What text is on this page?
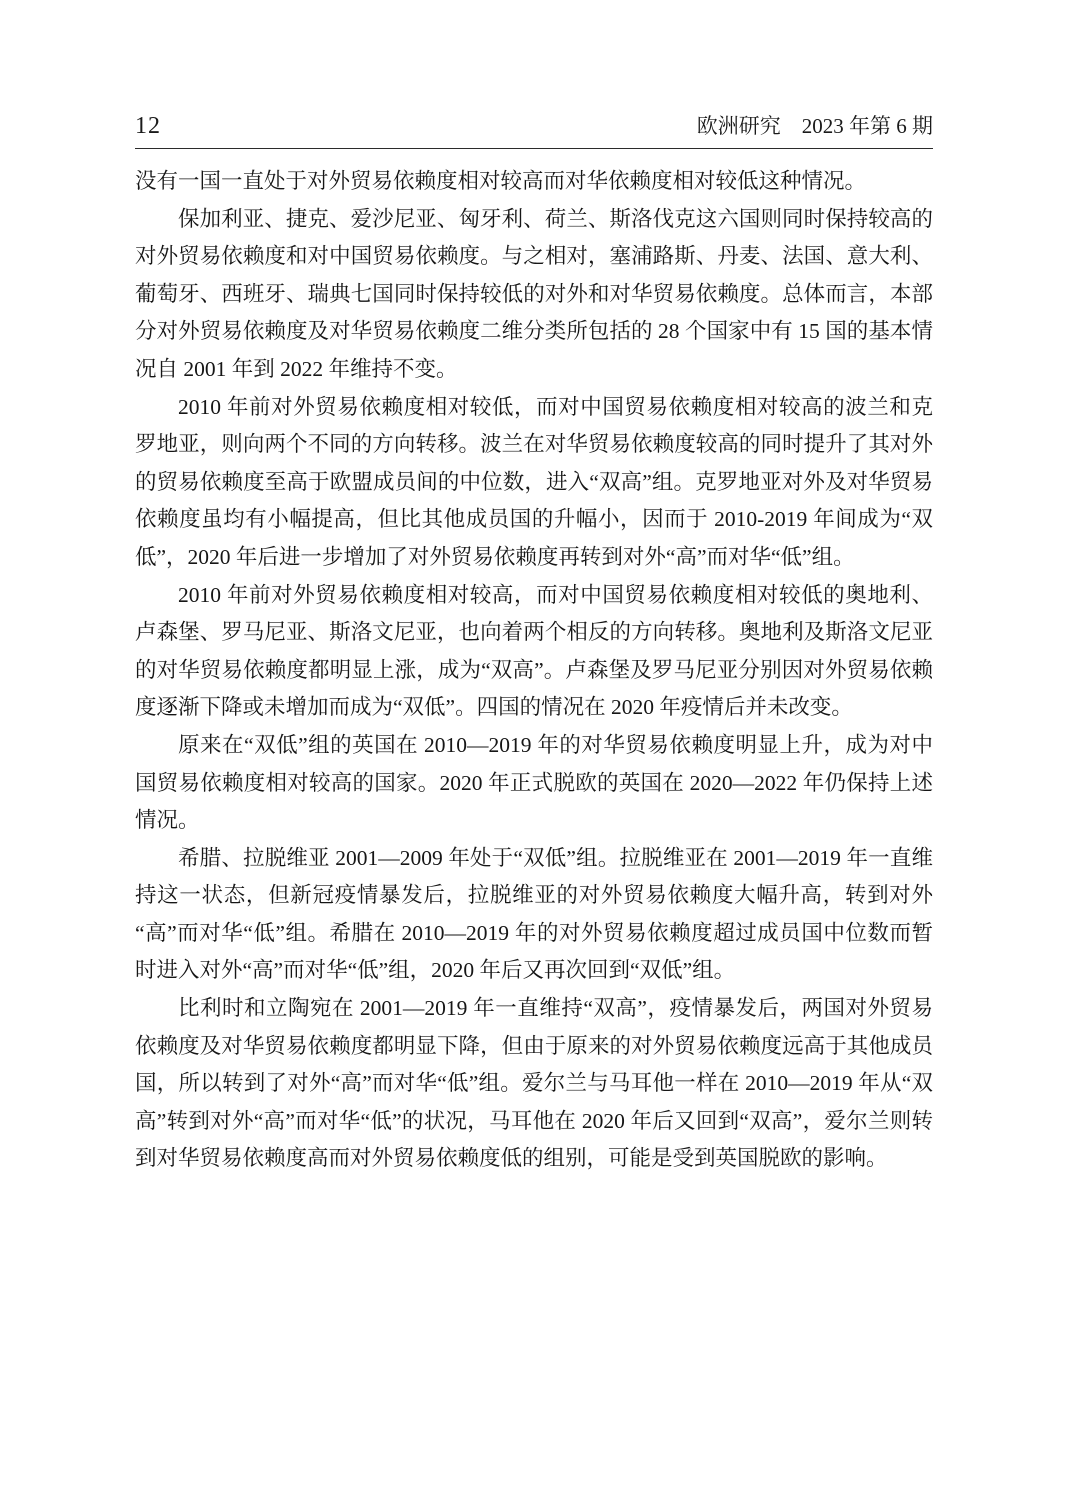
12	欧洲研究　2023 年第 6 期

没有一国一直处于对外贸易依赖度相对较高而对华依赖度相对较低这种情况。

保加利亚、捷克、爱沙尼亚、匈牙利、荷兰、斯洛伐克这六国则同时保持较高的对外贸易依赖度和对中国贸易依赖度。与之相对，塞浦路斯、丹麦、法国、意大利、葡萄牙、西班牙、瑞典七国同时保持较低的对外和对华贸易依赖度。总体而言，本部分对外贸易依赖度及对华贸易依赖度二维分类所包括的 28 个国家中有 15 国的基本情况自 2001 年到 2022 年维持不变。

2010 年前对外贸易依赖度相对较低，而对中国贸易依赖度相对较高的波兰和克罗地亚，则向两个不同的方向转移。波兰在对华贸易依赖度较高的同时提升了其对外的贸易依赖度至高于欧盟成员间的中位数，进入“双高”组。克罗地亚对外及对华贸易依赖度虽均有小幅提高，但比其他成员国的升幅小，因而于 2010-2019 年间成为“双低”，2020 年后进一步增加了对外贸易依赖度再转到对外“高”而对华“低”组。

2010 年前对外贸易依赖度相对较高，而对中国贸易依赖度相对较低的奥地利、卢森堡、罗马尼亚、斯洛文尼亚，也向着两个相反的方向转移。奥地利及斯洛文尼亚的对华贸易依赖度都明显上涨，成为“双高”。卢森堡及罗马尼亚分别因对外贸易依赖度逐渐下降或未增加而成为“双低”。四国的情况在 2020 年疫情后并未改变。

原来在“双低”组的英国在 2010—2019 年的对华贸易依赖度明显上升，成为对中国贸易依赖度相对较高的国家。2020 年正式脱欧的英国在 2020—2022 年仍保持上述情况。

希腊、拉脱维亚 2001—2009 年处于“双低”组。拉脱维亚在 2001—2019 年一直维持这一状态，但新冠疫情暴发后，拉脱维亚的对外贸易依赖度大幅升高，转到对外“高”而对华“低”组。希腊在 2010—2019 年的对外贸易依赖度超过成员国中位数而暂时进入对外“高”而对华“低”组，2020 年后又再次回到“双低”组。

比利时和立陶宛在 2001—2019 年一直维持“双高”，疫情暴发后，两国对外贸易依赖度及对华贸易依赖度都明显下降，但由于原来的对外贸易依赖度远高于其他成员国，所以转到了对外“高”而对华“低”组。爱尔兰与马耳他一样在 2010—2019 年从“双高”转到对外“高”而对华“低”的状况，马耳他在 2020 年后又回到“双高”，爱尔兰则转到对华贸易依赖度高而对外贸易依赖度低的组别，可能是受到英国脱欧的影响。
